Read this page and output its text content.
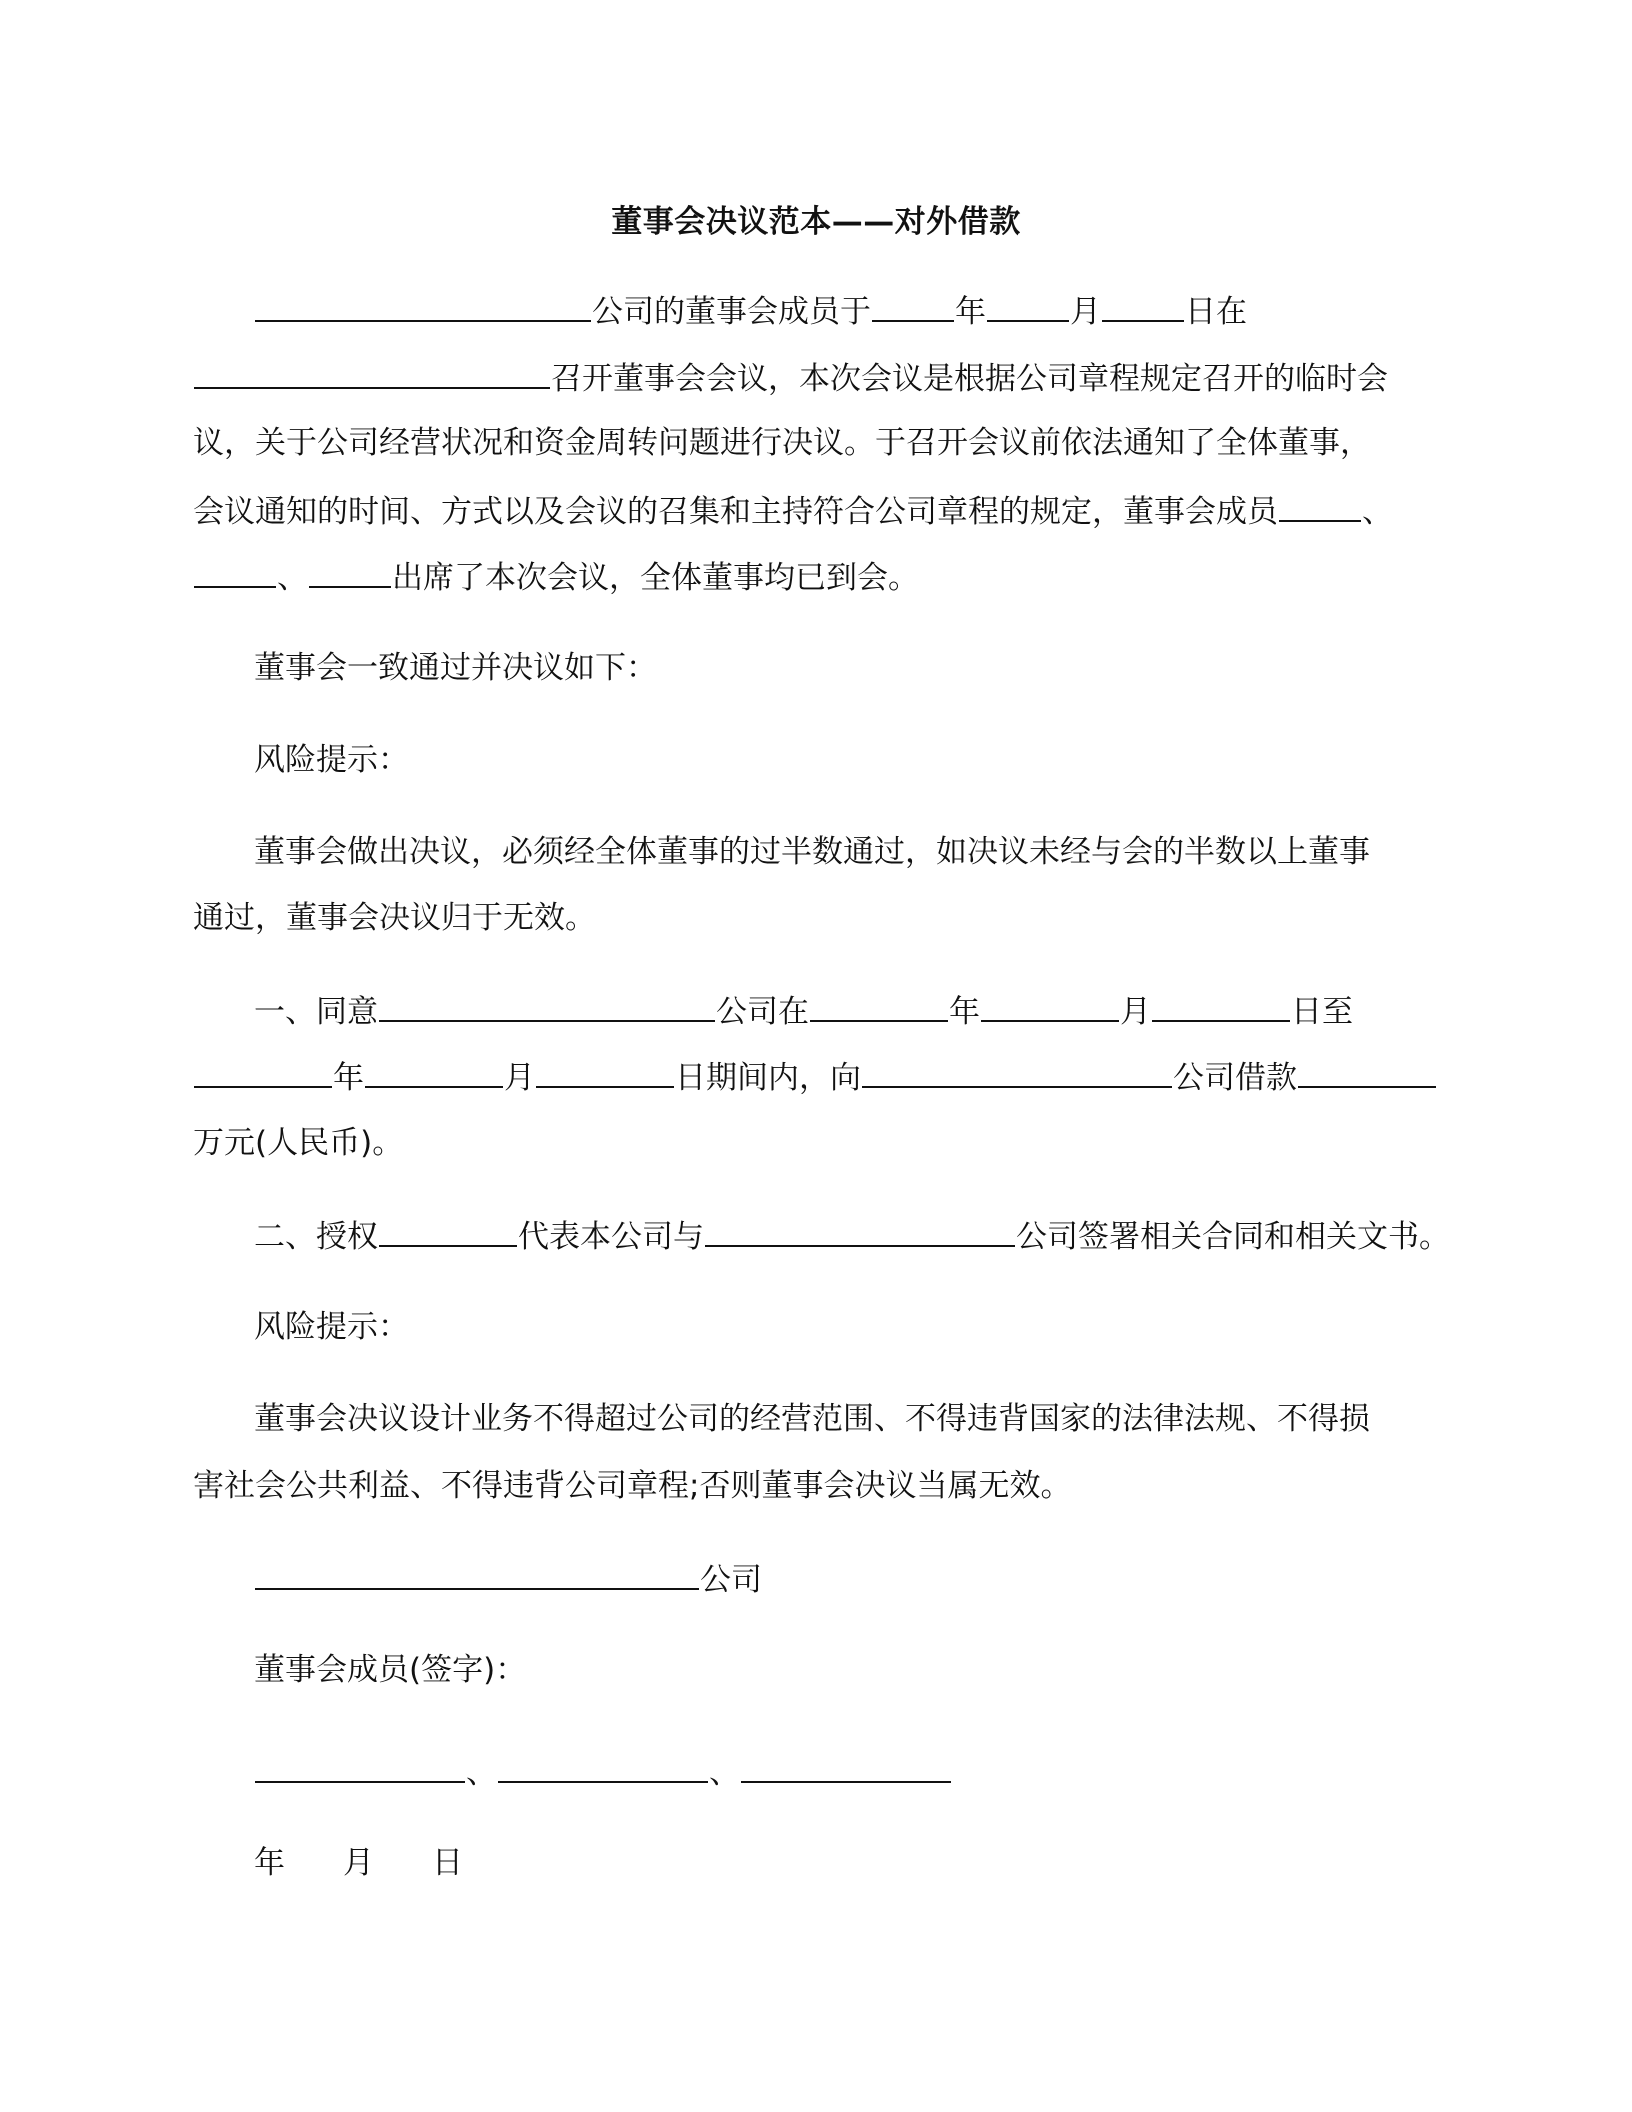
董事会决议范本——对外借款
公司的董事会成员于	年	月	日在
召开董事会会议，本次会议是根据公司章程规定召开的临时会
议，关于公司经营状况和资金周转问题进行决议。于召开会议前依法通知了全体董事，
会议通知的时间、方式以及会议的召集和主持符合公司章程的规定，董事会成员	、
、	出席了本次会议，全体董事均已到会。
董事会一致通过并决议如下：
风险提示：
董事会做出决议，必须经全体董事的过半数通过，如决议未经与会的半数以上董事
通过，董事会决议归于无效。
一、同意	公司在	年	月	日至
年	月	日期间内，向	公司借款
万元(人民币)。
二、授权	代表本公司与	公司签署相关合同和相关文书。
风险提示：
董事会决议设计业务不得超过公司的经营范围、不得违背国家的法律法规、不得损
害社会公共利益、不得违背公司章程;否则董事会决议当属无效。
公司
董事会成员(签字)：
、	、
年 月 日
